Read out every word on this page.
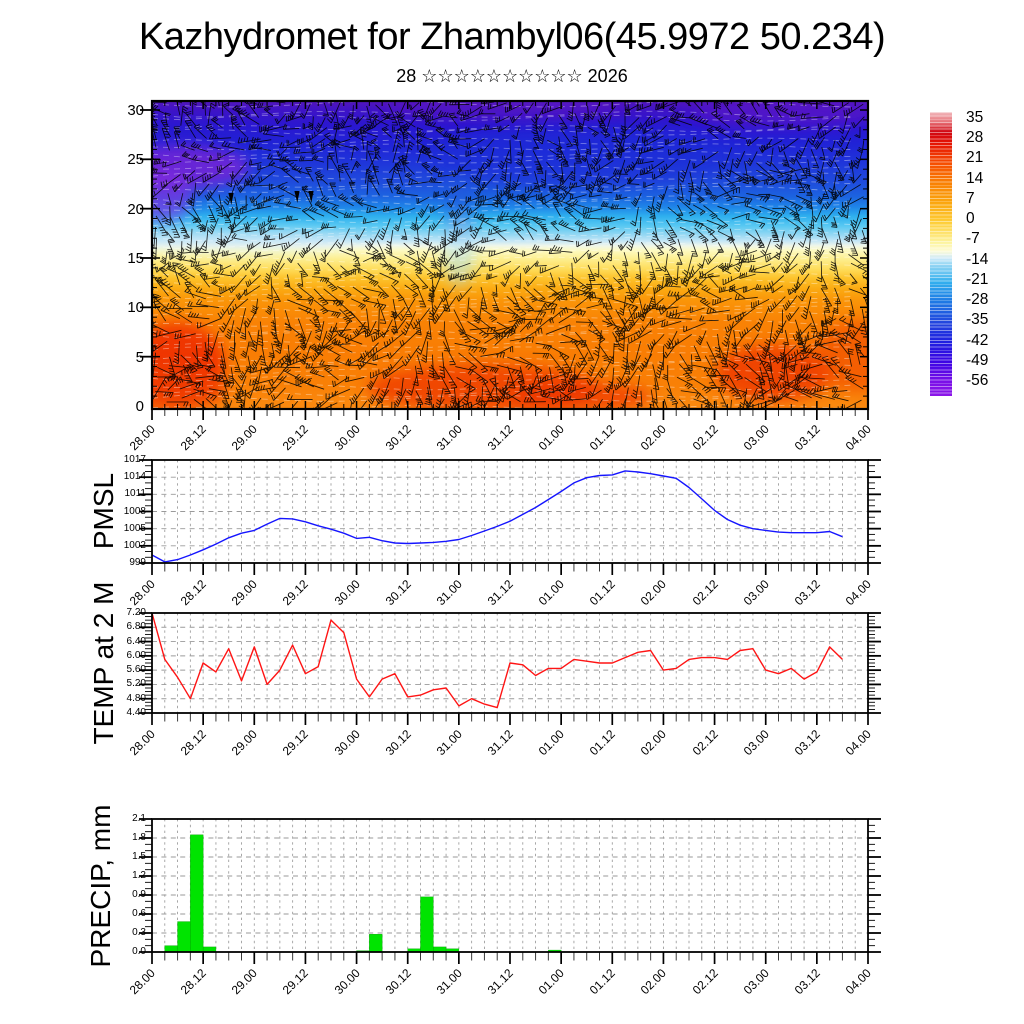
Kazhydromet for Zhambyl06(45.9972 50.234)
28 ☆☆☆☆☆☆☆☆☆☆ 2026
35
28
21
14
7
0
-7
-14
-21
-28
-35
-42
-49
-56
PMSL
TEMP at 2 M
PRECIP, mm
0
5
10
15
20
25
30
999
1002
1005
1008
1011
1014
1017
4.40
4.80
5.20
5.60
6.00
6.40
6.80
7.20
0.0
0.3
0.6
0.9
1.2
1.5
1.8
2.1
28.00	28.12	29.00	29.12	30.00	30.12	31.00	31.12	01.00	01.12	02.00	02.12	03.00	03.12	04.00
28.00	28.12	29.00	29.12	30.00	30.12	31.00	31.12	01.00	01.12	02.00	02.12	03.00	03.12	04.00
28.00	28.12	29.00	29.12	30.00	30.12	31.00	31.12	01.00	01.12	02.00	02.12	03.00	03.12	04.00
28.00	28.12	29.00	29.12	30.00	30.12	31.00	31.12	01.00	01.12	02.00	02.12	03.00	03.12	04.00
